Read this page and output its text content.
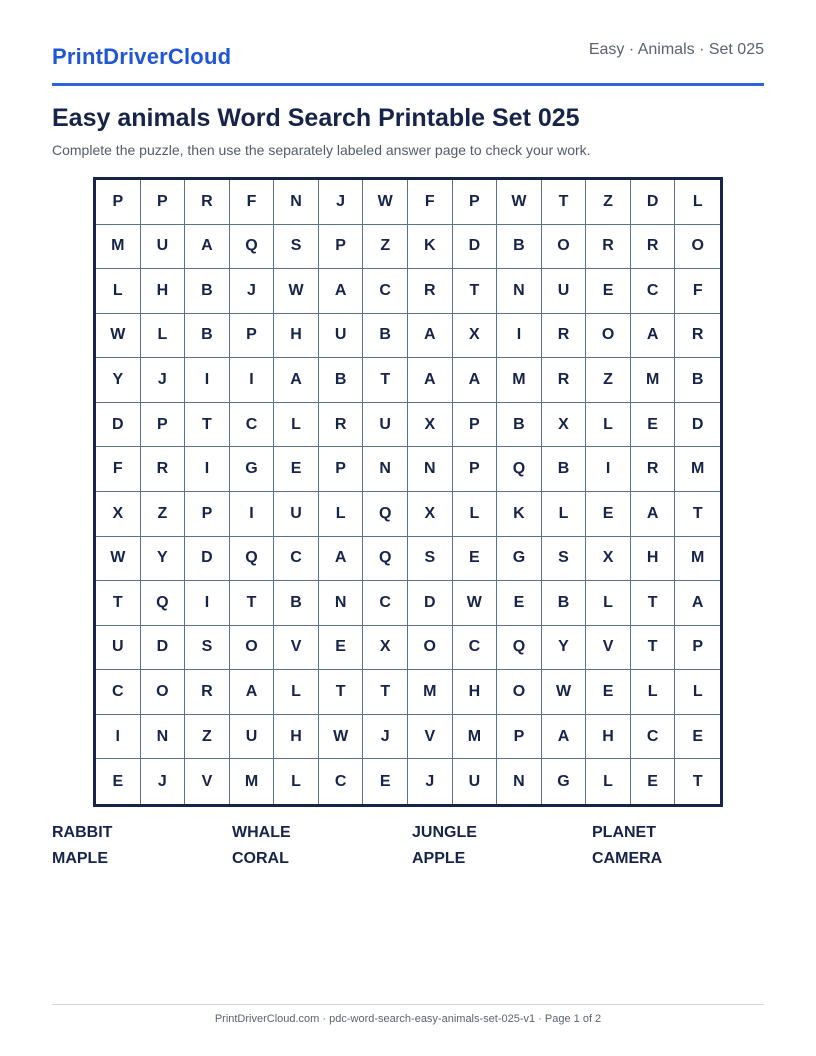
PrintDriverCloud	Easy · Animals · Set 025
Easy animals Word Search Printable Set 025
Complete the puzzle, then use the separately labeled answer page to check your work.
P	P	R	F	N	J	W	F	P	W	T	Z	D	L
M	U	A	Q	S	P	Z	K	D	B	O	R	R	O
L	H	B	J	W	A	C	R	T	N	U	E	C	F
W	L	B	P	H	U	B	A	X	I	R	O	A	R
Y	J	I	I	A	B	T	A	A	M	R	Z	M	B
D	P	T	C	L	R	U	X	P	B	X	L	E	D
F	R	I	G	E	P	N	N	P	Q	B	I	R	M
X	Z	P	I	U	L	Q	X	L	K	L	E	A	T
W	Y	D	Q	C	A	Q	S	E	G	S	X	H	M
T	Q	I	T	B	N	C	D	W	E	B	L	T	A
U	D	S	O	V	E	X	O	C	Q	Y	V	T	P
C	O	R	A	L	T	T	M	H	O	W	E	L	L
I	N	Z	U	H	W	J	V	M	P	A	H	C	E
E	J	V	M	L	C	E	J	U	N	G	L	E	T
RABBIT	WHALE	JUNGLE	PLANET
MAPLE	CORAL	APPLE	CAMERA
PrintDriverCloud.com · pdc-word-search-easy-animals-set-025-v1 · Page 1 of 2
